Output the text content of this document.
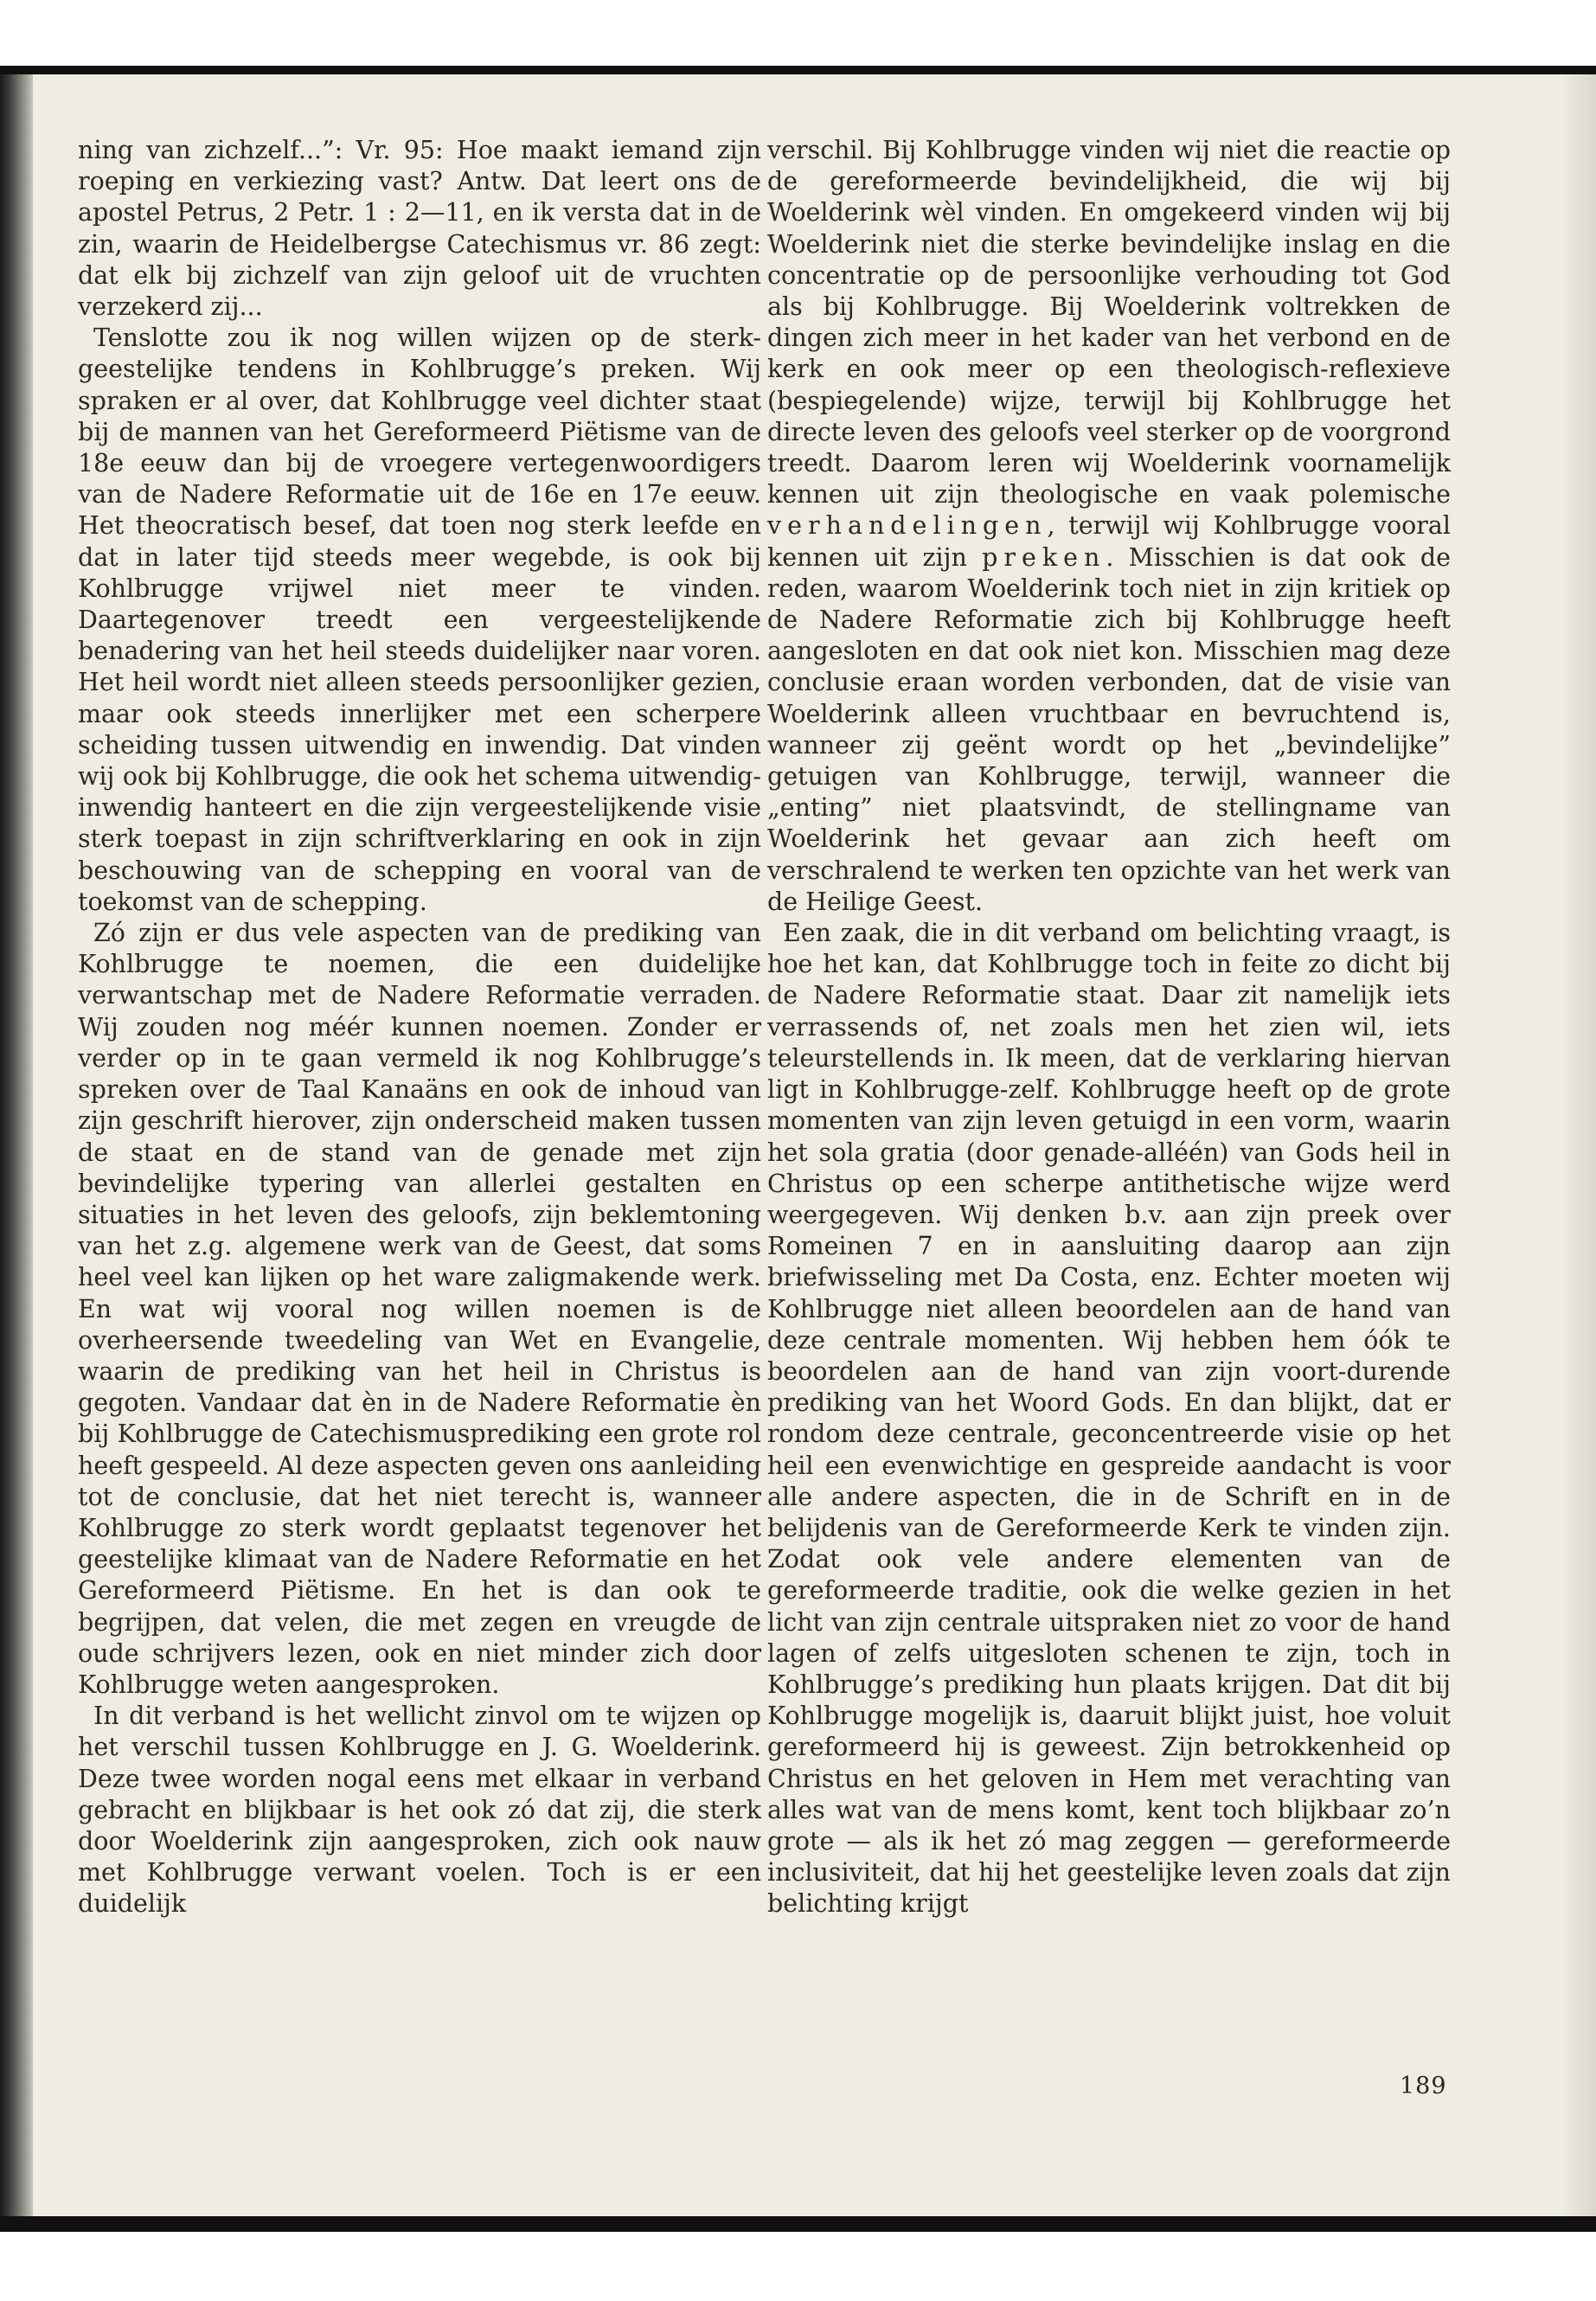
ning van zichzelf...”: Vr. 95: Hoe maakt iemand zijn roeping en verkiezing vast? Antw. Dat leert ons de apostel Petrus, 2 Petr. 1 : 2—11, en ik versta dat in de zin, waarin de Heidelbergse Catechismus vr. 86 zegt: dat elk bij zichzelf van zijn geloof uit de vruchten verzekerd zij...

Tenslotte zou ik nog willen wijzen op de sterk-geestelijke tendens in Kohlbrugge’s preken. Wij spraken er al over, dat Kohlbrugge veel dichter staat bij de mannen van het Gereformeerd Piëtisme van de 18e eeuw dan bij de vroegere vertegenwoordigers van de Nadere Reformatie uit de 16e en 17e eeuw. Het theocratisch besef, dat toen nog sterk leefde en dat in later tijd steeds meer wegebde, is ook bij Kohlbrugge vrijwel niet meer te vinden. Daartegenover treedt een vergeestelijkende benadering van het heil steeds duidelijker naar voren. Het heil wordt niet alleen steeds persoonlijker gezien, maar ook steeds innerlijker met een scherpere scheiding tussen uitwendig en inwendig. Dat vinden wij ook bij Kohlbrugge, die ook het schema uitwendig-inwendig hanteert en die zijn vergeestelijkende visie sterk toepast in zijn schriftverklaring en ook in zijn beschouwing van de schepping en vooral van de toekomst van de schepping.

Zó zijn er dus vele aspecten van de prediking van Kohlbrugge te noemen, die een duidelijke verwantschap met de Nadere Reformatie verraden. Wij zouden nog méér kunnen noemen. Zonder er verder op in te gaan vermeld ik nog Kohlbrugge’s spreken over de Taal Kanaäns en ook de inhoud van zijn geschrift hierover, zijn onderscheid maken tussen de staat en de stand van de genade met zijn bevindelijke typering van allerlei gestalten en situaties in het leven des geloofs, zijn beklemtoning van het z.g. algemene werk van de Geest, dat soms heel veel kan lijken op het ware zaligmakende werk. En wat wij vooral nog willen noemen is de overheersende tweedeling van Wet en Evangelie, waarin de prediking van het heil in Christus is gegoten. Vandaar dat èn in de Nadere Reformatie èn bij Kohlbrugge de Catechismusprediking een grote rol heeft gespeeld. Al deze aspecten geven ons aanleiding tot de conclusie, dat het niet terecht is, wanneer Kohlbrugge zo sterk wordt geplaatst tegenover het geestelijke klimaat van de Nadere Reformatie en het Gereformeerd Piëtisme. En het is dan ook te begrijpen, dat velen, die met zegen en vreugde de oude schrijvers lezen, ook en niet minder zich door Kohlbrugge weten aangesproken.

In dit verband is het wellicht zinvol om te wijzen op het verschil tussen Kohlbrugge en J. G. Woelderink. Deze twee worden nogal eens met elkaar in verband gebracht en blijkbaar is het ook zó dat zij, die sterk door Woelderink zijn aangesproken, zich ook nauw met Kohlbrugge verwant voelen. Toch is er een duidelijk

verschil. Bij Kohlbrugge vinden wij niet die reactie op de gereformeerde bevindelijkheid, die wij bij Woelderink wèl vinden. En omgekeerd vinden wij bij Woelderink niet die sterke bevindelijke inslag en die concentratie op de persoonlijke verhouding tot God als bij Kohlbrugge. Bij Woelderink voltrekken de dingen zich meer in het kader van het verbond en de kerk en ook meer op een theologisch-reflexieve (bespiegelende) wijze, terwijl bij Kohlbrugge het directe leven des geloofs veel sterker op de voorgrond treedt. Daarom leren wij Woelderink voornamelijk kennen uit zijn theologische en vaak polemische verhandelingen, terwijl wij Kohlbrugge vooral kennen uit zijn preken. Misschien is dat ook de reden, waarom Woelderink toch niet in zijn kritiek op de Nadere Reformatie zich bij Kohlbrugge heeft aangesloten en dat ook niet kon. Misschien mag deze conclusie eraan worden verbonden, dat de visie van Woelderink alleen vruchtbaar en bevruchtend is, wanneer zij geënt wordt op het „bevindelijke” getuigen van Kohlbrugge, terwijl, wanneer die „enting” niet plaatsvindt, de stellingname van Woelderink het gevaar aan zich heeft om verschralend te werken ten opzichte van het werk van de Heilige Geest.

Een zaak, die in dit verband om belichting vraagt, is hoe het kan, dat Kohlbrugge toch in feite zo dicht bij de Nadere Reformatie staat. Daar zit namelijk iets verrassends of, net zoals men het zien wil, iets teleurstellends in. Ik meen, dat de verklaring hiervan ligt in Kohlbrugge-zelf. Kohlbrugge heeft op de grote momenten van zijn leven getuigd in een vorm, waarin het sola gratia (door genade-alléén) van Gods heil in Christus op een scherpe antithetische wijze werd weergegeven. Wij denken b.v. aan zijn preek over Romeinen 7 en in aansluiting daarop aan zijn briefwisseling met Da Costa, enz. Echter moeten wij Kohlbrugge niet alleen beoordelen aan de hand van deze centrale momenten. Wij hebben hem óók te beoordelen aan de hand van zijn voort-durende prediking van het Woord Gods. En dan blijkt, dat er rondom deze centrale, geconcentreerde visie op het heil een evenwichtige en gespreide aandacht is voor alle andere aspecten, die in de Schrift en in de belijdenis van de Gereformeerde Kerk te vinden zijn. Zodat ook vele andere elementen van de gereformeerde traditie, ook die welke gezien in het licht van zijn centrale uitspraken niet zo voor de hand lagen of zelfs uitgesloten schenen te zijn, toch in Kohlbrugge’s prediking hun plaats krijgen. Dat dit bij Kohlbrugge mogelijk is, daaruit blijkt juist, hoe voluit gereformeerd hij is geweest. Zijn betrokkenheid op Christus en het geloven in Hem met verachting van alles wat van de mens komt, kent toch blijkbaar zo’n grote — als ik het zó mag zeggen — gereformeerde inclusiviteit, dat hij het geestelijke leven zoals dat zijn belichting krijgt

189
